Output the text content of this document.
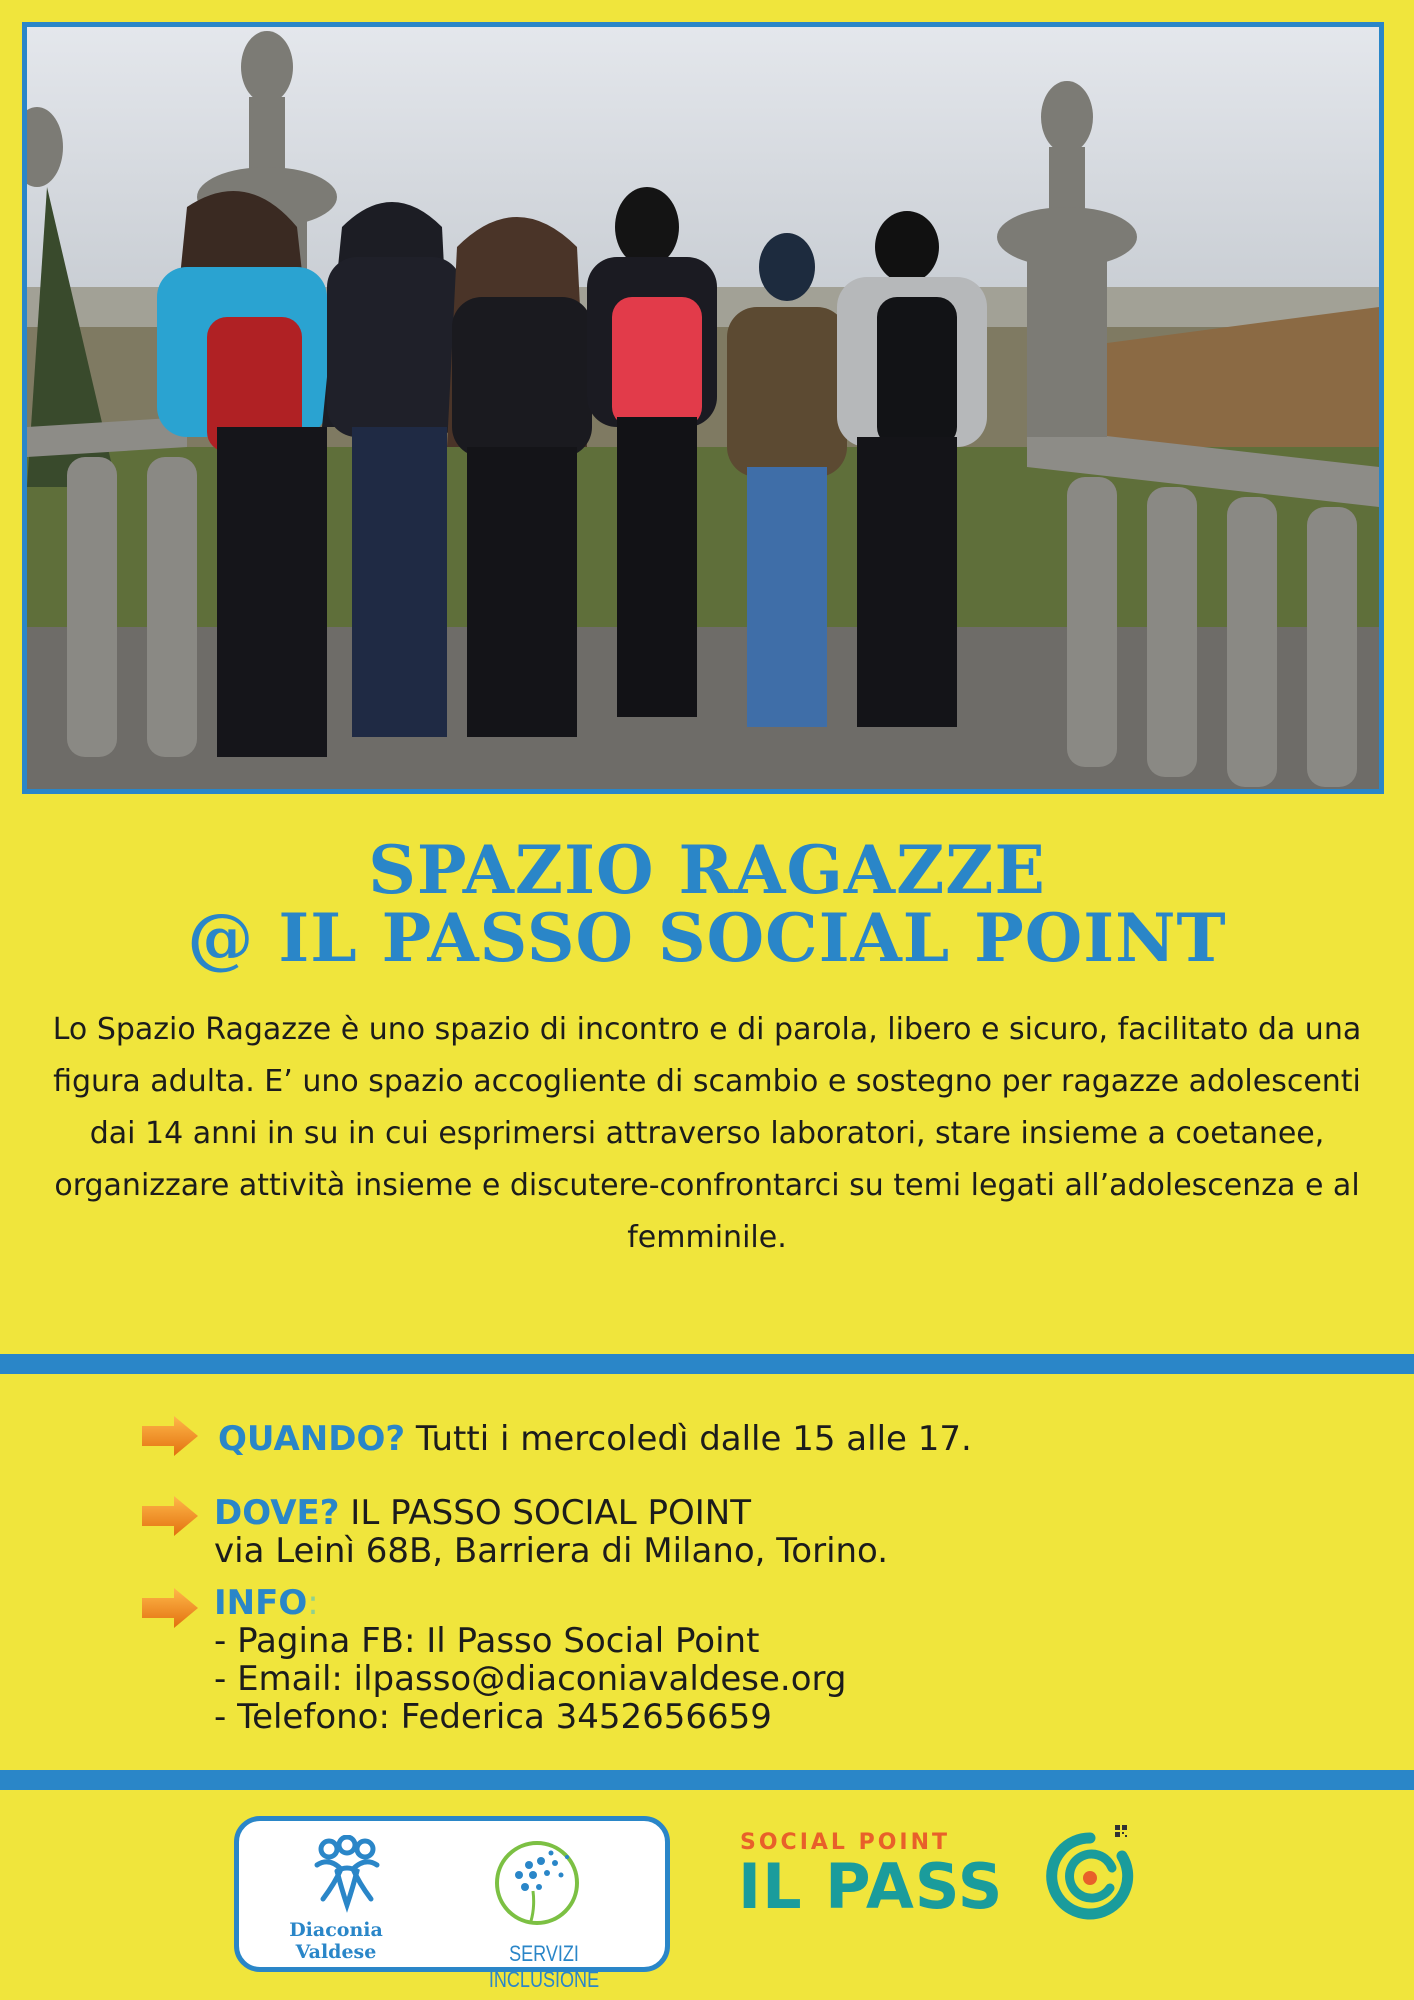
SPAZIO RAGAZZE
@ IL PASSO SOCIAL POINT
Lo Spazio Ragazze è uno spazio di incontro e di parola, libero e sicuro, facilitato da una figura adulta. E’ uno spazio accogliente di scambio e sostegno per ragazze adolescenti dai 14 anni in su in cui esprimersi attraverso laboratori, stare insieme a coetanee, organizzare attività insieme e discutere-confrontarci su temi legati all’adolescenza e al femminile.
QUANDO? Tutti i mercoledì dalle 15 alle 17.
DOVE? IL PASSO SOCIAL POINT
via Leinì 68B, Barriera di Milano, Torino.
INFO:
- Pagina FB: Il Passo Social Point
- Email: ilpasso@diaconiavaldese.org
- Telefono: Federica 3452656659
Diaconia
Valdese	SERVIZI INCLUSIONE
SOCIAL POINT
IL PASS
